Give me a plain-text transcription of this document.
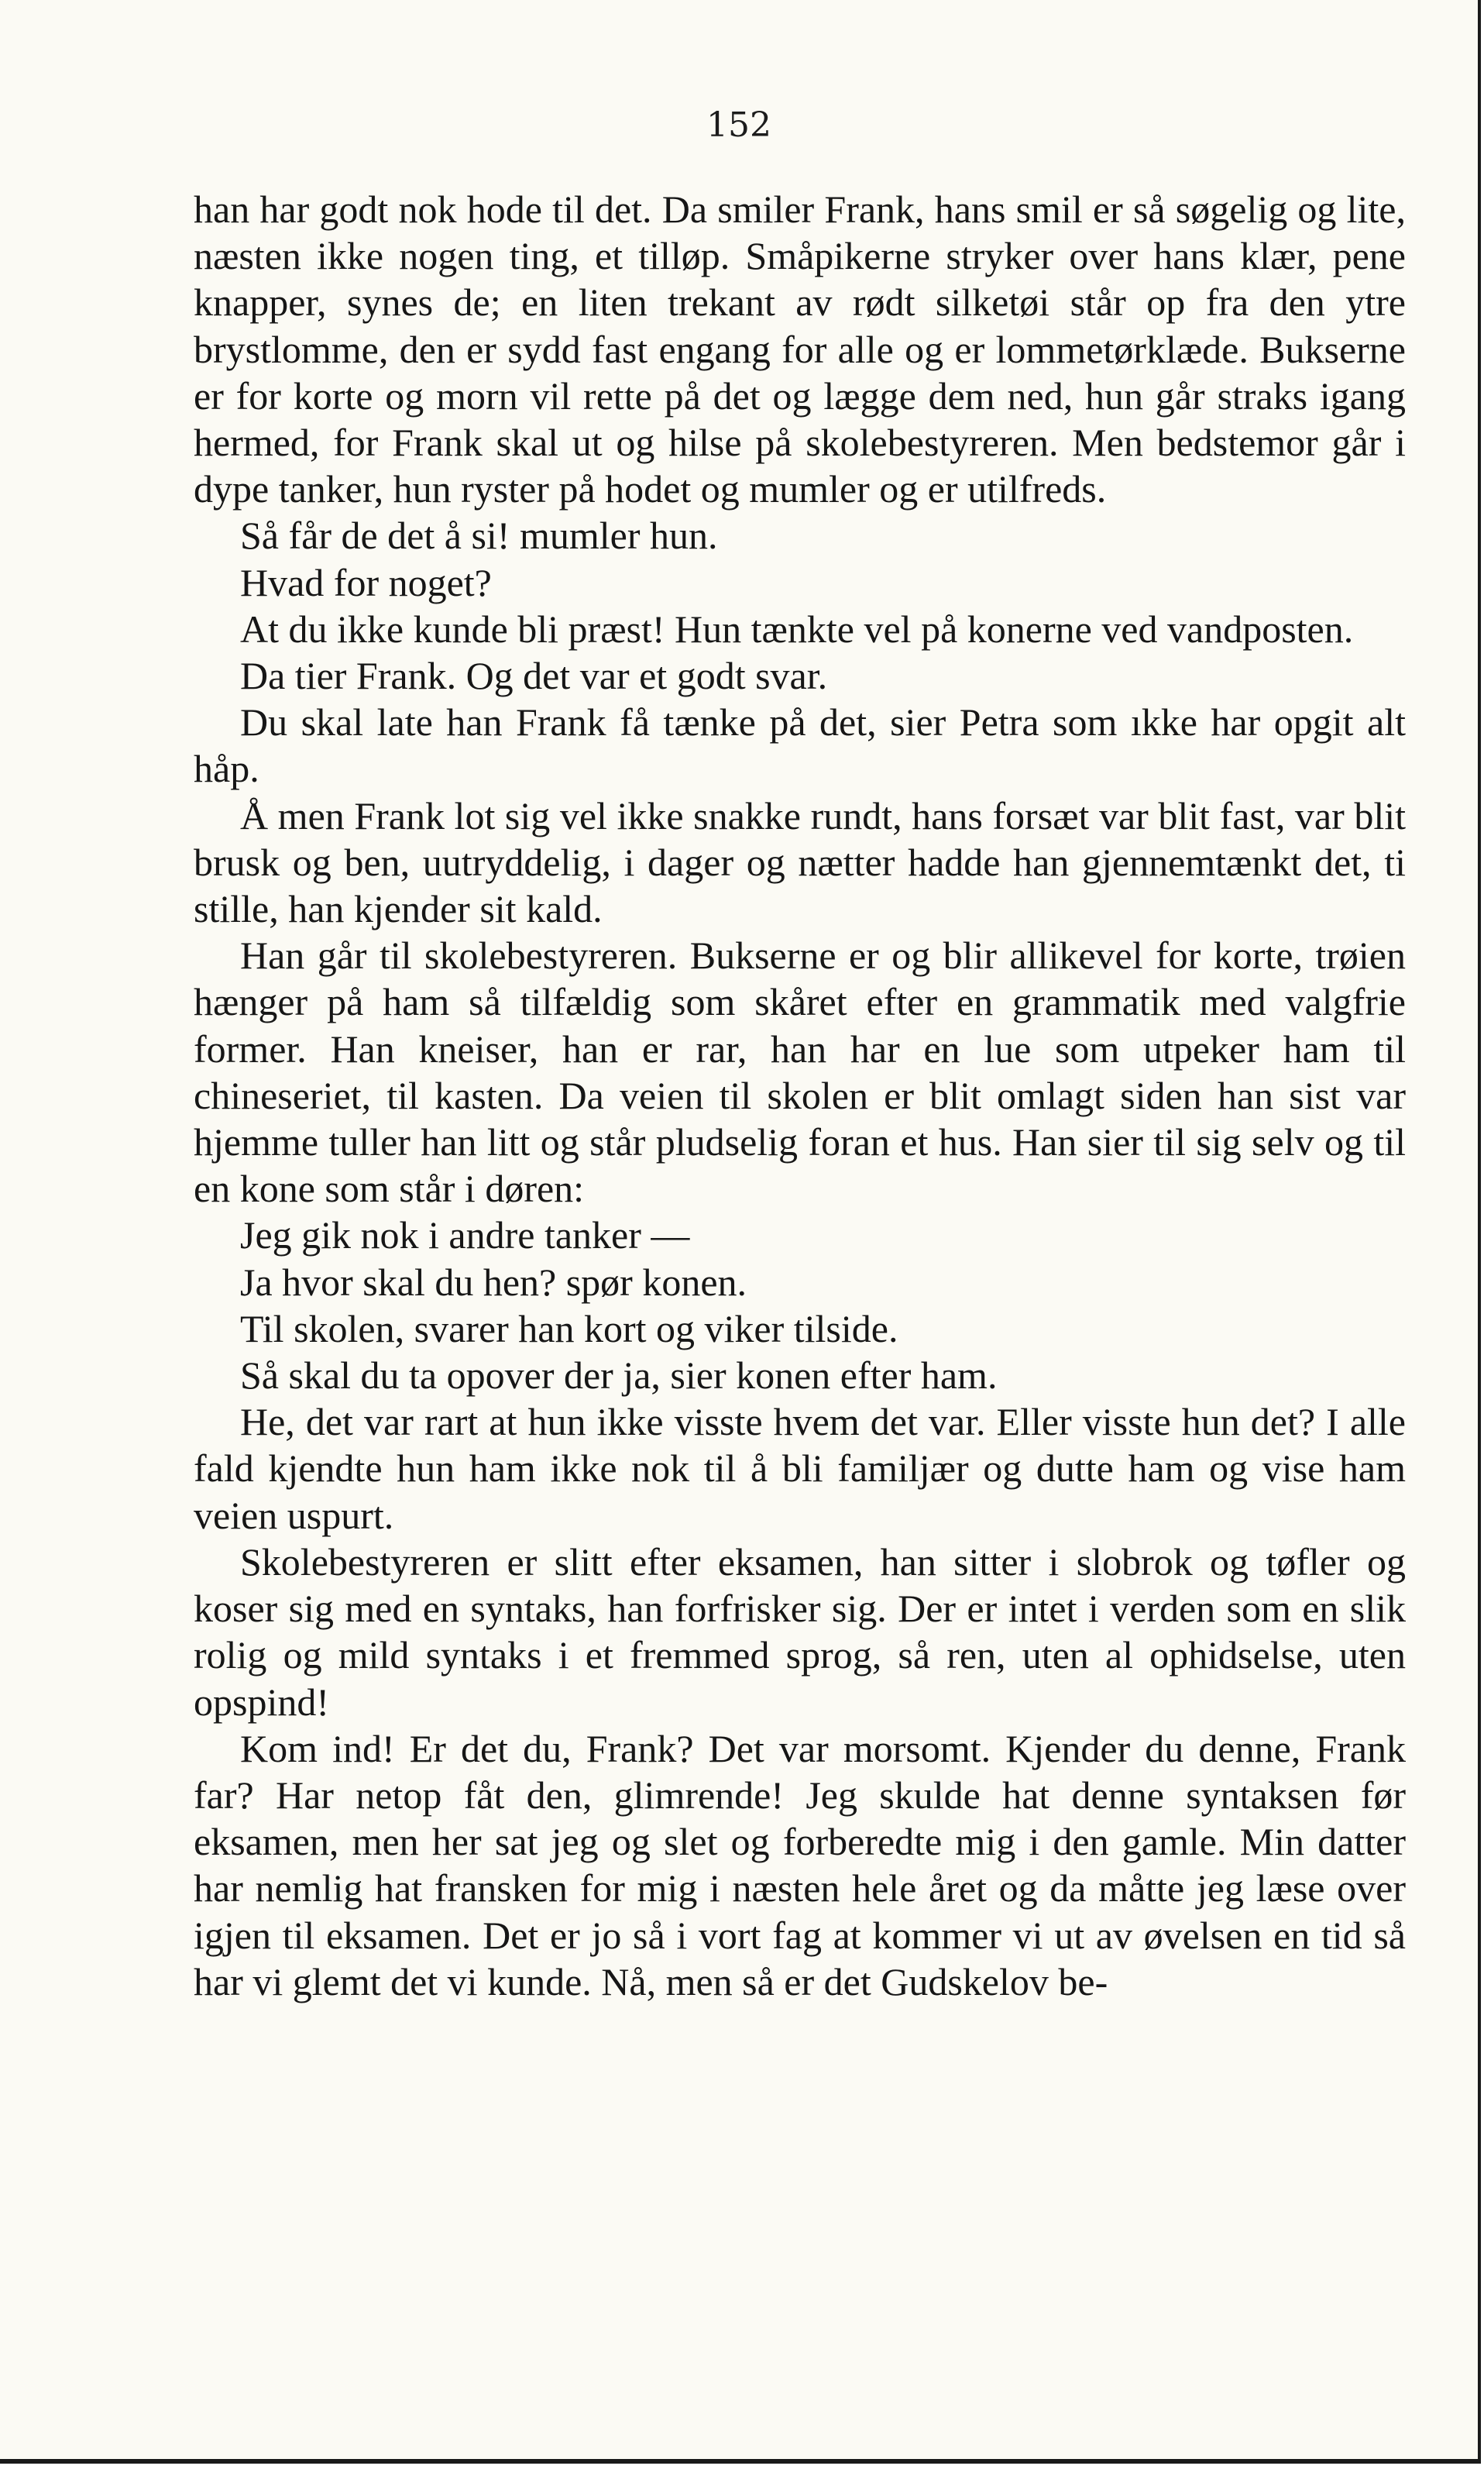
152

han har godt nok hode til det. Da smiler Frank, hans smil er så søgelig og lite, næsten ikke nogen ting, et tilløp. Småpikerne stryker over hans klær, pene knapper, synes de; en liten trekant av rødt silketøi står op fra den ytre brystlomme, den er sydd fast engang for alle og er lommetørklæde. Bukserne er for korte og morn vil rette på det og lægge dem ned, hun går straks igang hermed, for Frank skal ut og hilse på skolebestyreren. Men bedstemor går i dype tanker, hun ryster på hodet og mumler og er utilfreds.

Så får de det å si! mumler hun.

Hvad for noget?

At du ikke kunde bli præst! Hun tænkte vel på konerne ved vandposten.

Da tier Frank. Og det var et godt svar.

Du skal late han Frank få tænke på det, sier Petra som ıkke har opgit alt håp.

Å men Frank lot sig vel ikke snakke rundt, hans forsæt var blit fast, var blit brusk og ben, uutryddelig, i dager og nætter hadde han gjennemtænkt det, ti stille, han kjender sit kald.

Han går til skolebestyreren. Bukserne er og blir allikevel for korte, trøien hænger på ham så tilfældig som skåret efter en grammatik med valgfrie former. Han kneiser, han er rar, han har en lue som utpeker ham til chineseriet, til kasten. Da veien til skolen er blit omlagt siden han sist var hjemme tuller han litt og står pludselig foran et hus. Han sier til sig selv og til en kone som står i døren:

Jeg gik nok i andre tanker —

Ja hvor skal du hen? spør konen.

Til skolen, svarer han kort og viker tilside.

Så skal du ta opover der ja, sier konen efter ham.

He, det var rart at hun ikke visste hvem det var. Eller visste hun det? I alle fald kjendte hun ham ikke nok til å bli familjær og dutte ham og vise ham veien uspurt.

Skolebestyreren er slitt efter eksamen, han sitter i slobrok og tøfler og koser sig med en syntaks, han forfrisker sig. Der er intet i verden som en slik rolig og mild syntaks i et fremmed sprog, så ren, uten al ophidselse, uten opspind!

Kom ind! Er det du, Frank? Det var morsomt. Kjender du denne, Frank far? Har netop fåt den, glimrende! Jeg skulde hat denne syntaksen før eksamen, men her sat jeg og slet og forberedte mig i den gamle. Min datter har nemlig hat fransken for mig i næsten hele året og da måtte jeg læse over igjen til eksamen. Det er jo så i vort fag at kommer vi ut av øvelsen en tid så har vi glemt det vi kunde. Nå, men så er det Gudskelov be-
